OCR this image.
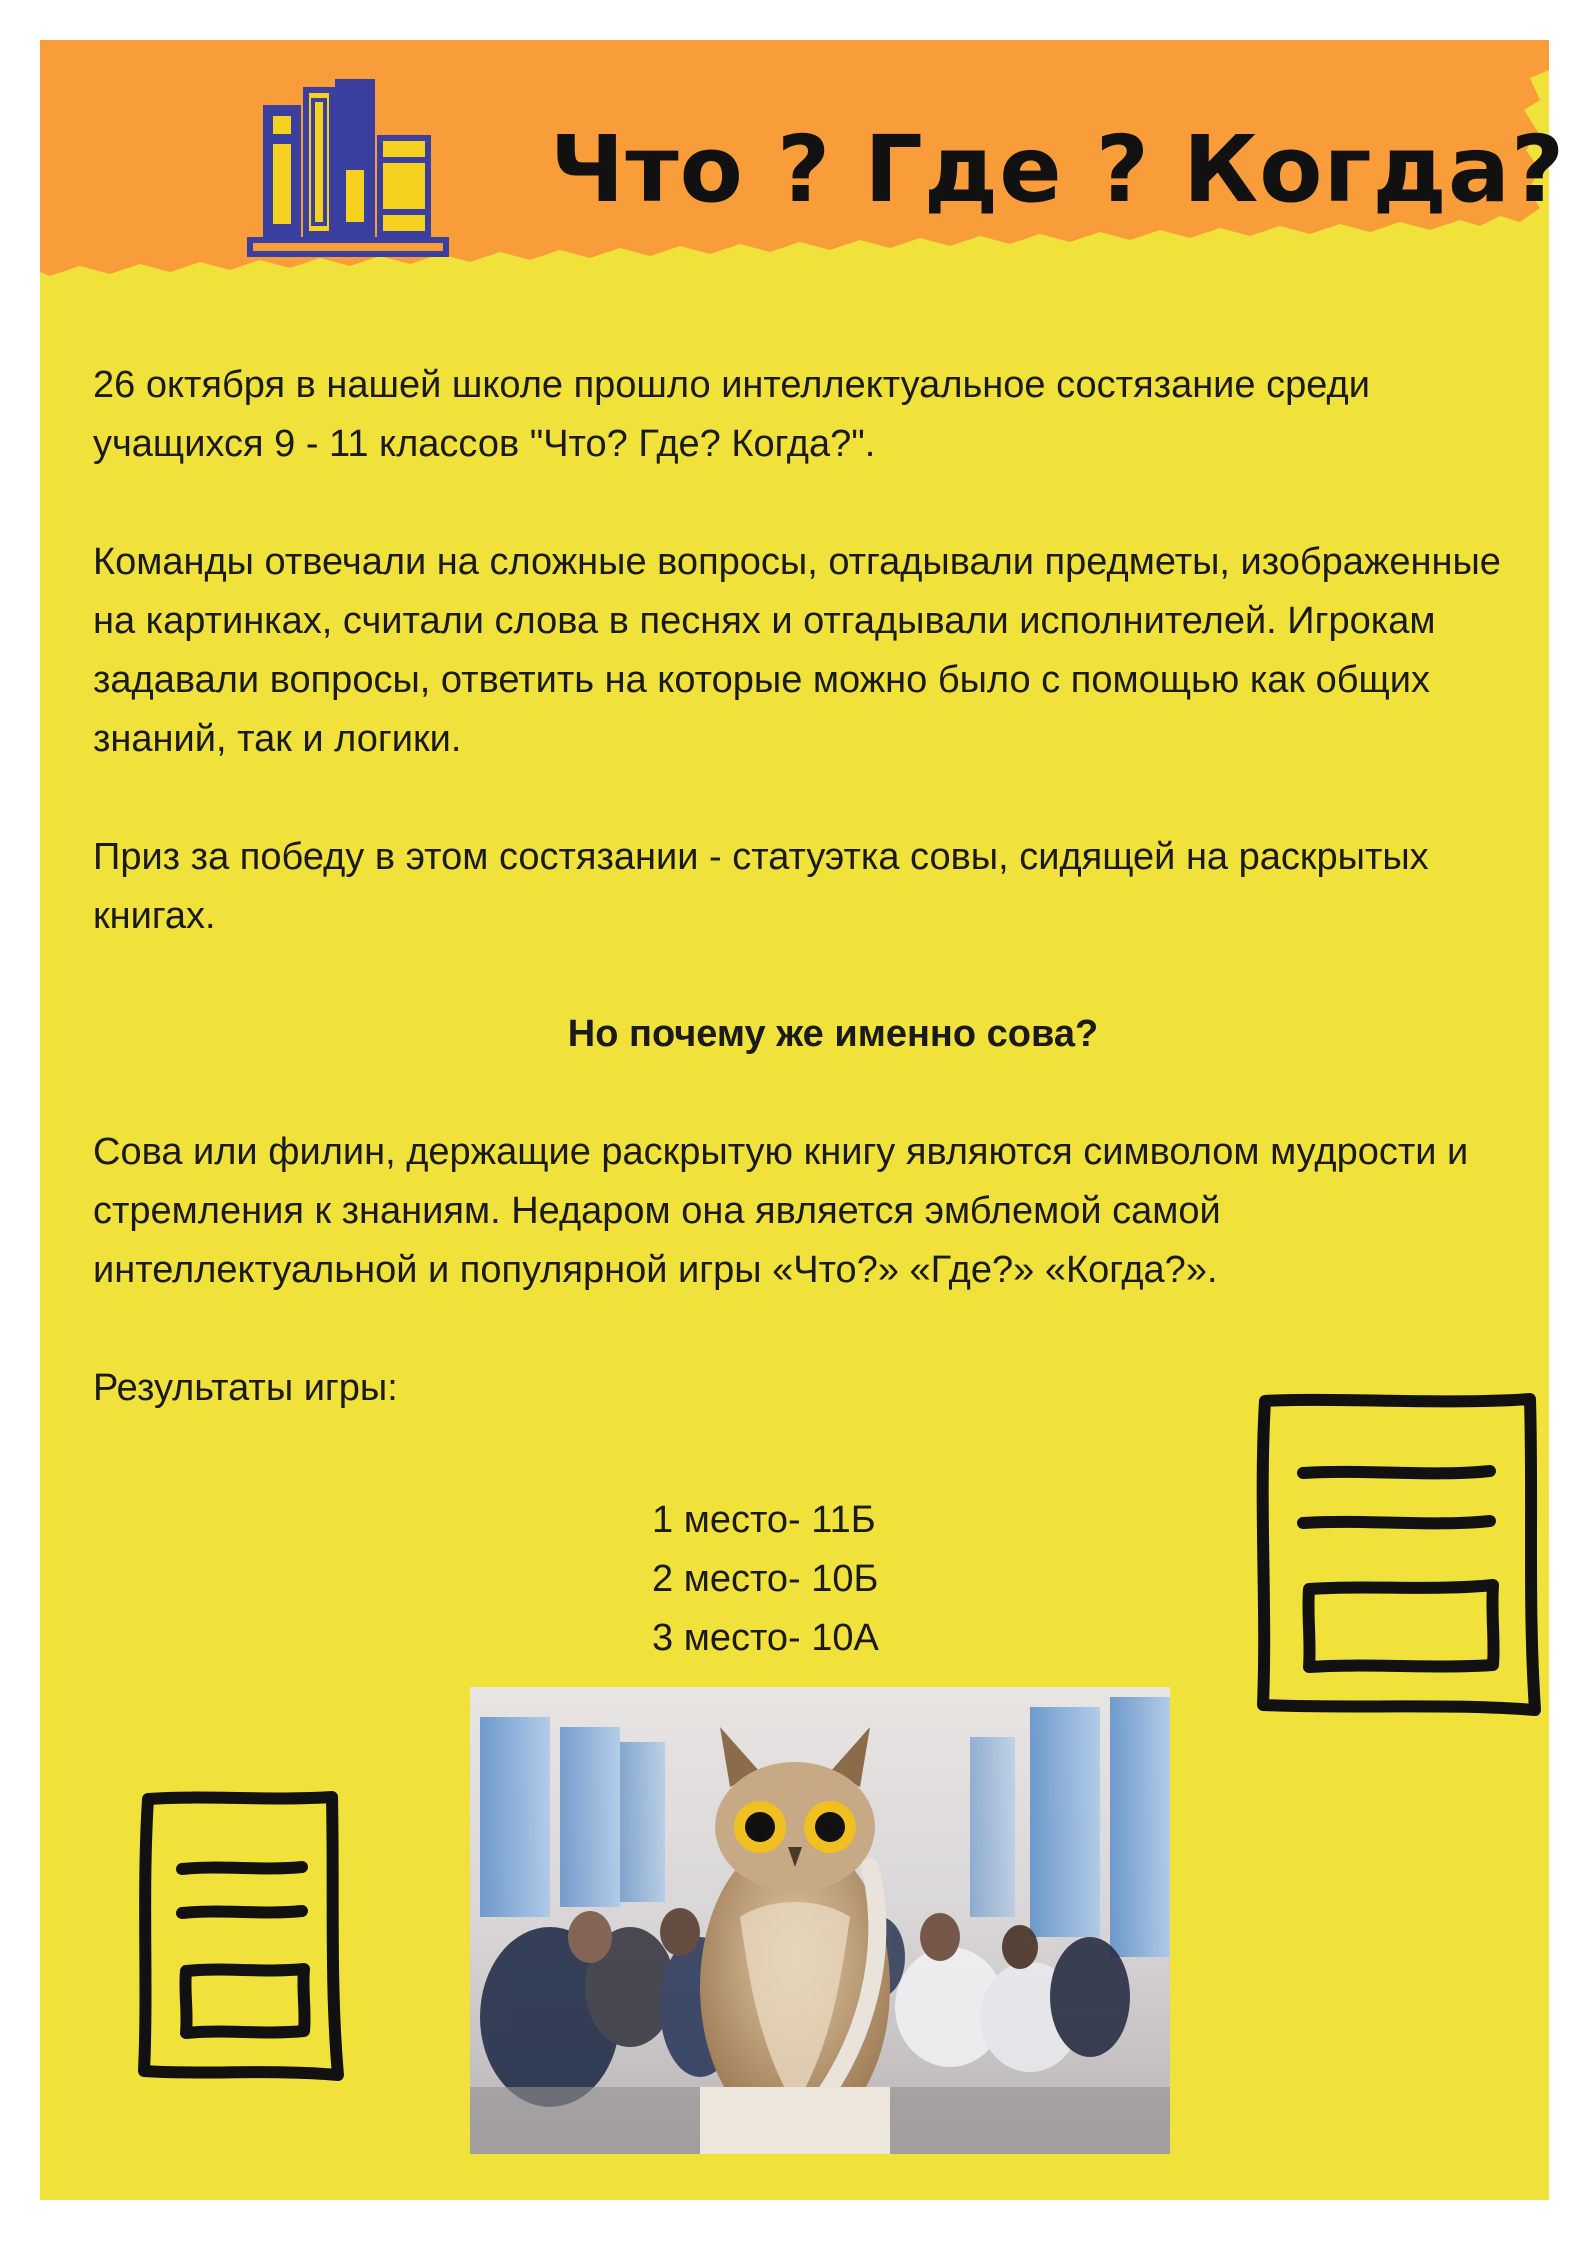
Что ? Где ? Когда?

26 октября в нашей школе прошло интеллектуальное состязание среди учащихся 9 - 11 классов "Что? Где? Когда?".

Команды отвечали на сложные вопросы, отгадывали предметы, изображенные на картинках, считали слова в песнях и отгадывали исполнителей. Игрокам задавали вопросы, ответить на которые можно было с помощью как общих знаний, так и логики.

Приз за победу в этом состязании - статуэтка совы, сидящей на раскрытых книгах.

Но почему же именно сова?

Сова или филин, держащие раскрытую книгу являются символом мудрости и стремления к знаниям. Недаром она является эмблемой самой интеллектуальной и популярной игры «Что?» «Где?» «Когда?».

Результаты игры:

1 место- 11Б
2 место- 10Б
3 место- 10А
